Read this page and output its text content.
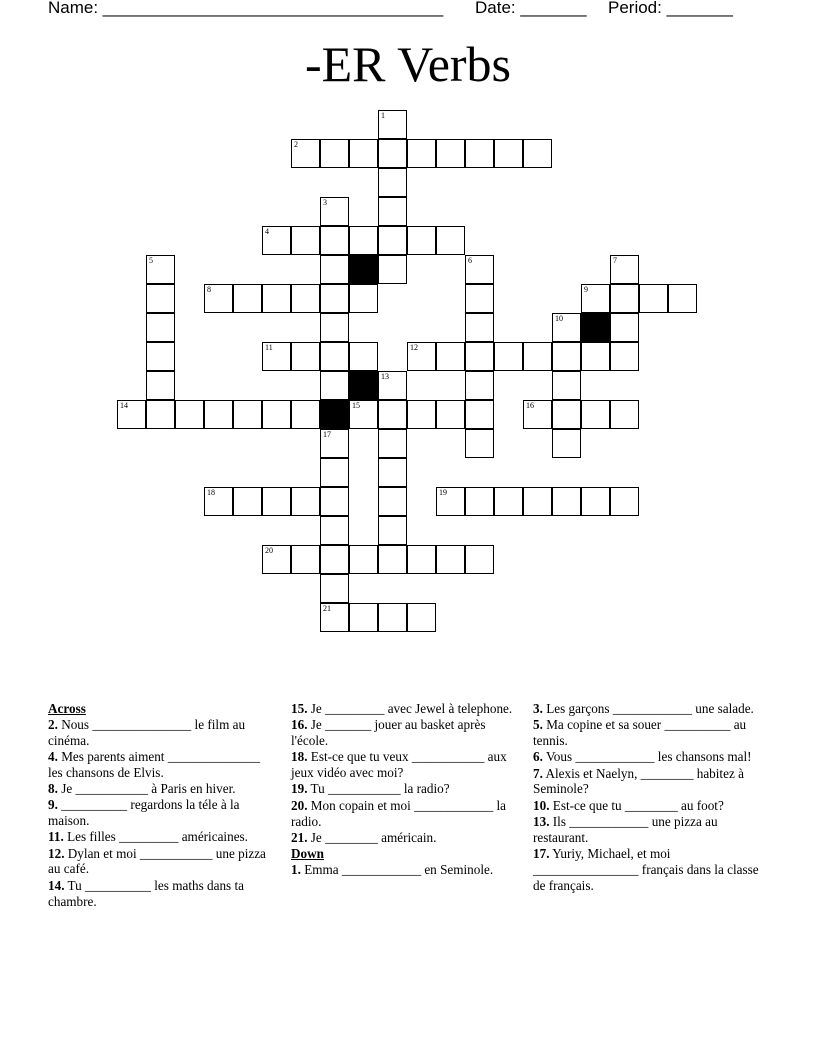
Name: ____________________________________

Date: _______

Period: _______

-ER Verbs
1
2
3
4
5	6	7
8	9
10
11	12
13
14	15	16
17
18	19
20
21
Across
2. Nous _______________ le film au cinéma.
4. Mes parents aiment ______________ les chansons de Elvis.
8. Je ___________ à Paris en hiver.
9. __________ regardons la téle à la maison.
11. Les filles _________ américaines.
12. Dylan et moi ___________ une pizza au café.
14. Tu __________ les maths dans ta chambre.
15. Je _________ avec Jewel à telephone.
16. Je _______ jouer au basket après l'école.
18. Est-ce que tu veux ___________ aux jeux vidéo avec moi?
19. Tu ___________ la radio?
20. Mon copain et moi ____________ la radio.
21. Je ________ américain.
Down
1. Emma ____________ en Seminole.
3. Les garçons ____________ une salade.
5. Ma copine et sa souer __________ au tennis.
6. Vous ____________ les chansons mal!
7. Alexis et Naelyn, ________ habitez à Seminole?
10. Est-ce que tu ________ au foot?
13. Ils ____________ une pizza au restaurant.
17. Yuriy, Michael, et moi ________________ français dans la classe de français.
